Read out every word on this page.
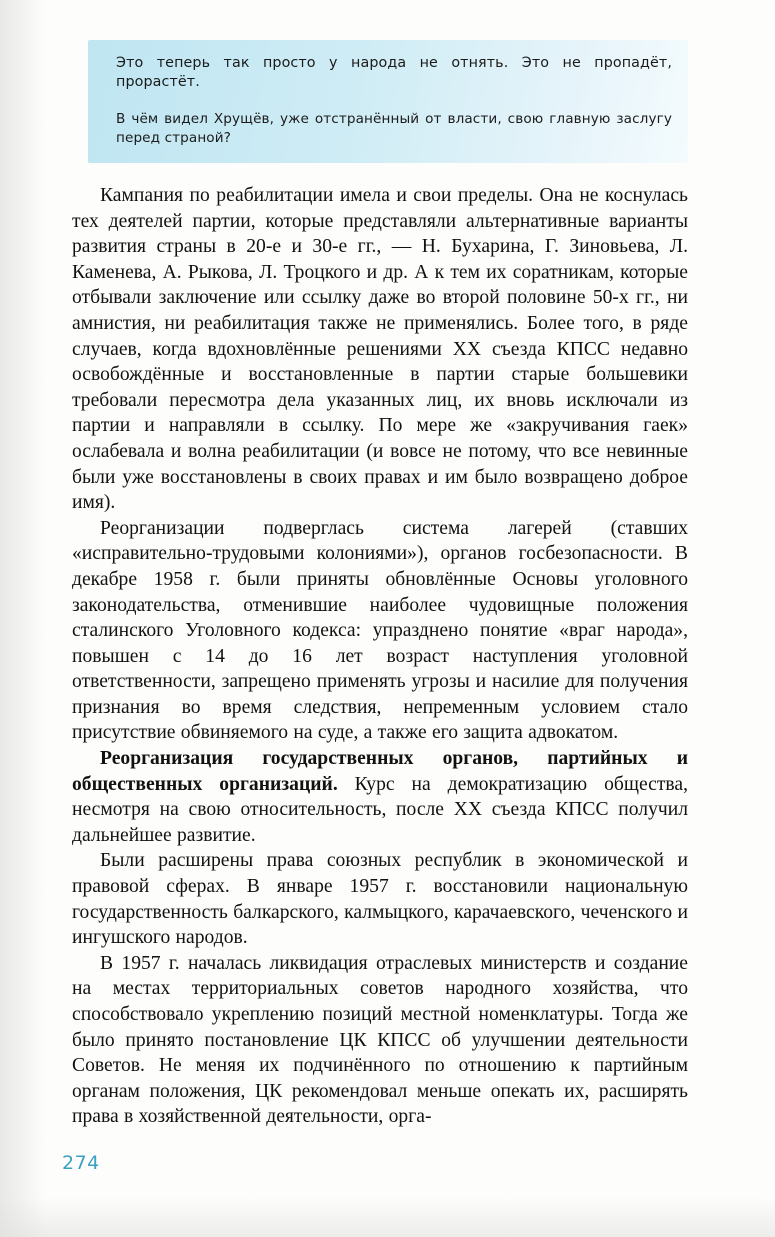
Это теперь так просто у народа не отнять. Это не пропадёт, прорастёт.

В чём видел Хрущёв, уже отстранённый от власти, свою главную заслугу перед страной?

Кампания по реабилитации имела и свои пределы. Она не коснулась тех деятелей партии, которые представляли альтернативные варианты развития страны в 20-е и 30-е гг., — Н. Бухарина, Г. Зиновьева, Л. Каменева, А. Рыкова, Л. Троцкого и др. А к тем их соратникам, которые отбывали заключение или ссылку даже во второй половине 50-х гг., ни амнистия, ни реабилитация также не применялись. Более того, в ряде случаев, когда вдохновлённые решениями XX съезда КПСС недавно освобождённые и восстановленные в партии старые большевики требовали пересмотра дела указанных лиц, их вновь исключали из партии и направляли в ссылку. По мере же «закручивания гаек» ослабевала и волна реабилитации (и вовсе не потому, что все невинные были уже восстановлены в своих правах и им было возвращено доброе имя).

Реорганизации подверглась система лагерей (ставших «исправительно-трудовыми колониями»), органов госбезопасности. В декабре 1958 г. были приняты обновлённые Основы уголовного законодательства, отменившие наиболее чудовищные положения сталинского Уголовного кодекса: упразднено понятие «враг народа», повышен с 14 до 16 лет возраст наступления уголовной ответственности, запрещено применять угрозы и насилие для получения признания во время следствия, непременным условием стало присутствие обвиняемого на суде, а также его защита адвокатом.

Реорганизация государственных органов, партийных и общественных организаций. Курс на демократизацию общества, несмотря на свою относительность, после XX съезда КПСС получил дальнейшее развитие.

Были расширены права союзных республик в экономической и правовой сферах. В январе 1957 г. восстановили национальную государственность балкарского, калмыцкого, карачаевского, чеченского и ингушского народов.

В 1957 г. началась ликвидация отраслевых министерств и создание на местах территориальных советов народного хозяйства, что способствовало укреплению позиций местной номенклатуры. Тогда же было принято постановление ЦК КПСС об улучшении деятельности Советов. Не меняя их подчинённого по отношению к партийным органам положения, ЦК рекомендовал меньше опекать их, расширять права в хозяйственной деятельности, орга-

274
